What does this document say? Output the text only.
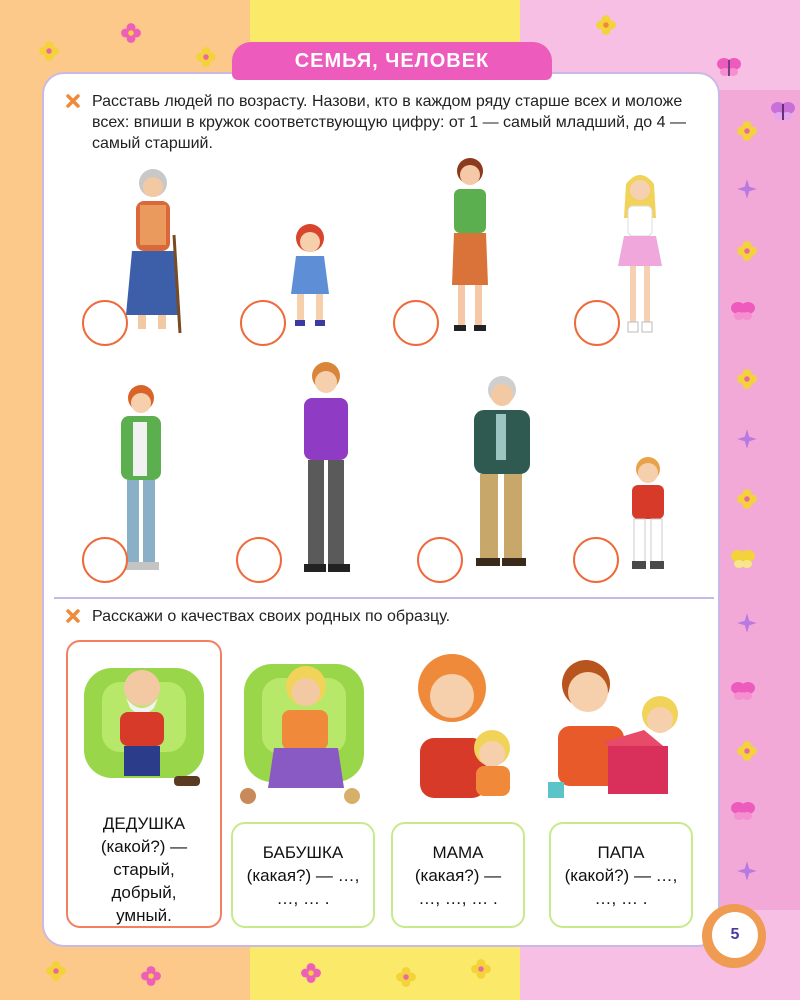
СЕМЬЯ, ЧЕЛОВЕК
Расставь людей по возрасту. Назови, кто в каждом ряду старше всех и моложе всех: впиши в кружок соответствующую цифру: от 1 — самый младший, до 4 — самый старший.
Расскажи о качествах своих родных по образцу.
ДЕДУШКА
(какой?) —
старый,
добрый,
умный.
БАБУШКА
(какая?) — …,
…, … .
МАМА
(какая?) —
…, …, … .
ПАПА
(какой?) — …,
…, … .
5
